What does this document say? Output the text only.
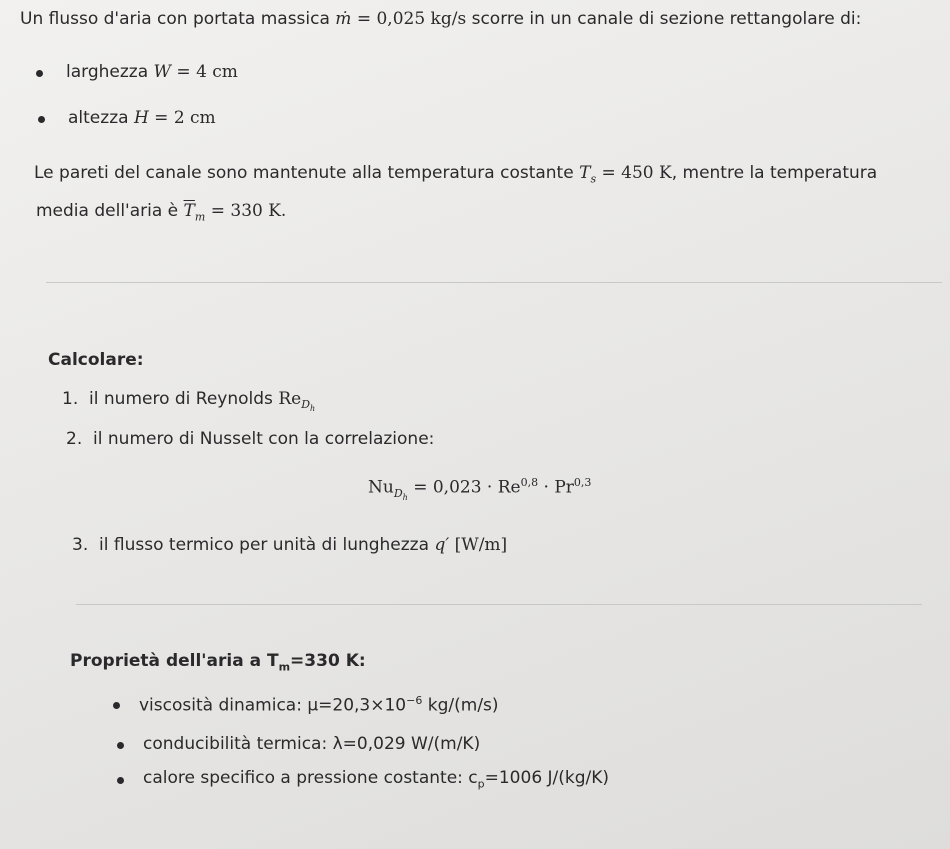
Un flusso d'aria con portata massica ṁ = 0,025 kg/s scorre in un canale di sezione rettangolare di:
larghezza W = 4 cm
altezza H = 2 cm
Le pareti del canale sono mantenute alla temperatura costante $T_s = 450$ K, mentre la temperatura
media dell'aria è $\overline{T}_m = 330$ K.
Calcolare:
1. il numero di Reynolds $Re_{D_h}$
2. il numero di Nusselt con la correlazione:
$Nu_{D_h} = 0,023 \cdot Re^{0,8} \cdot Pr^{0,3}$
3. il flusso termico per unità di lunghezza q′ [W/m]
Proprietà dell'aria a $T_m=330$ K:
viscosità dinamica: $\mu=20,3\times 10^{-6}$ kg/(m/s)
conducibilità termica: λ=0,029 W/(m/K)
calore specifico a pressione costante: $c_p=1006$ J/(kg/K)
